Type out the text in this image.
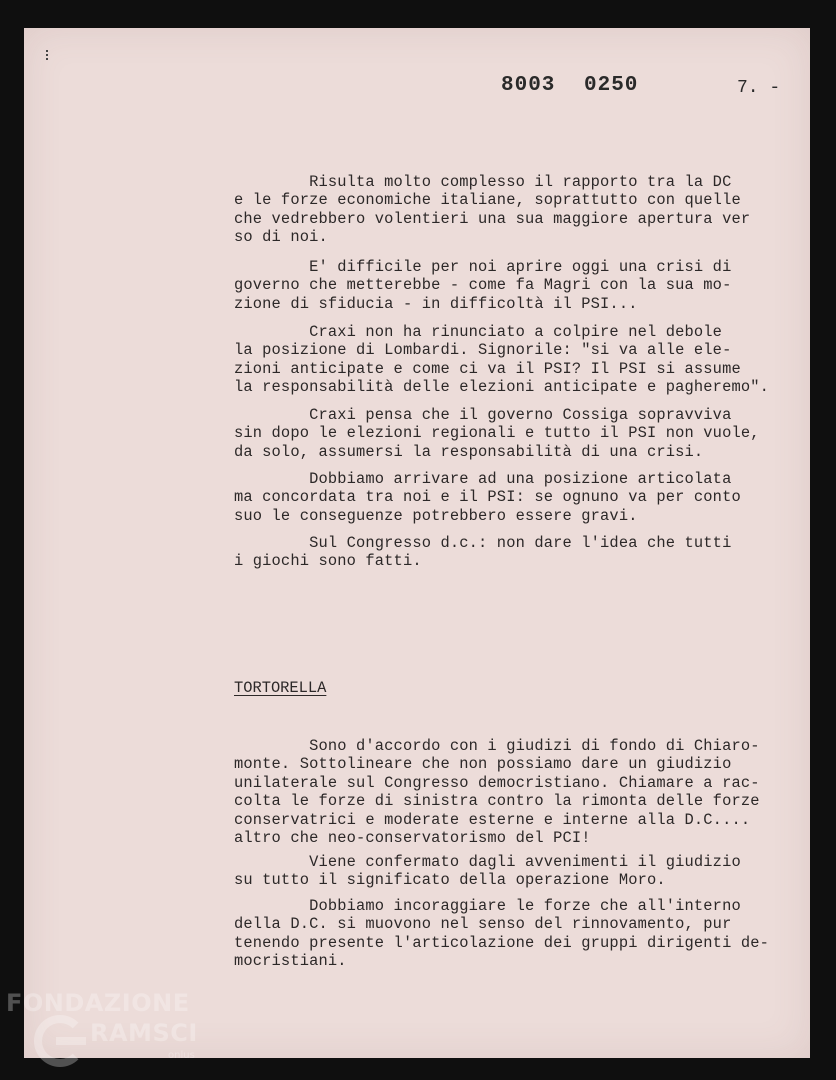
8003 0250	7. -
Risulta molto complesso il rapporto tra la DC
e le forze economiche italiane, soprattutto con quelle
che vedrebbero volentieri una sua maggiore apertura ver
so di noi.
E' difficile per noi aprire oggi una crisi di
governo che metterebbe - come fa Magri con la sua mo-
zione di sfiducia - in difficoltà il PSI...
Craxi non ha rinunciato a colpire nel debole
la posizione di Lombardi. Signorile: "si va alle ele-
zioni anticipate e come ci va il PSI? Il PSI si assume
la responsabilità delle elezioni anticipate e pagheremo".
Craxi pensa che il governo Cossiga sopravviva
sin dopo le elezioni regionali e tutto il PSI non vuole,
da solo, assumersi la responsabilità di una crisi.
Dobbiamo arrivare ad una posizione articolata
ma concordata tra noi e il PSI: se ognuno va per conto
suo le conseguenze potrebbero essere gravi.
Sul Congresso d.c.: non dare l'idea che tutti
i giochi sono fatti.
TORTORELLA
Sono d'accordo con i giudizi di fondo di Chiaro-
monte. Sottolineare che non possiamo dare un giudizio
unilaterale sul Congresso democristiano. Chiamare a rac-
colta le forze di sinistra contro la rimonta delle forze
conservatrici e moderate esterne e interne alla D.C....
altro che neo-conservatorismo del PCI!
Viene confermato dagli avvenimenti il giudizio
su tutto il significato della operazione Moro.
Dobbiamo incoraggiare le forze che all'interno
della D.C. si muovono nel senso del rinnovamento, pur
tenendo presente l'articolazione dei gruppi dirigenti de-
mocristiani.
FONDAZIONE
RAMSCI
onlus
